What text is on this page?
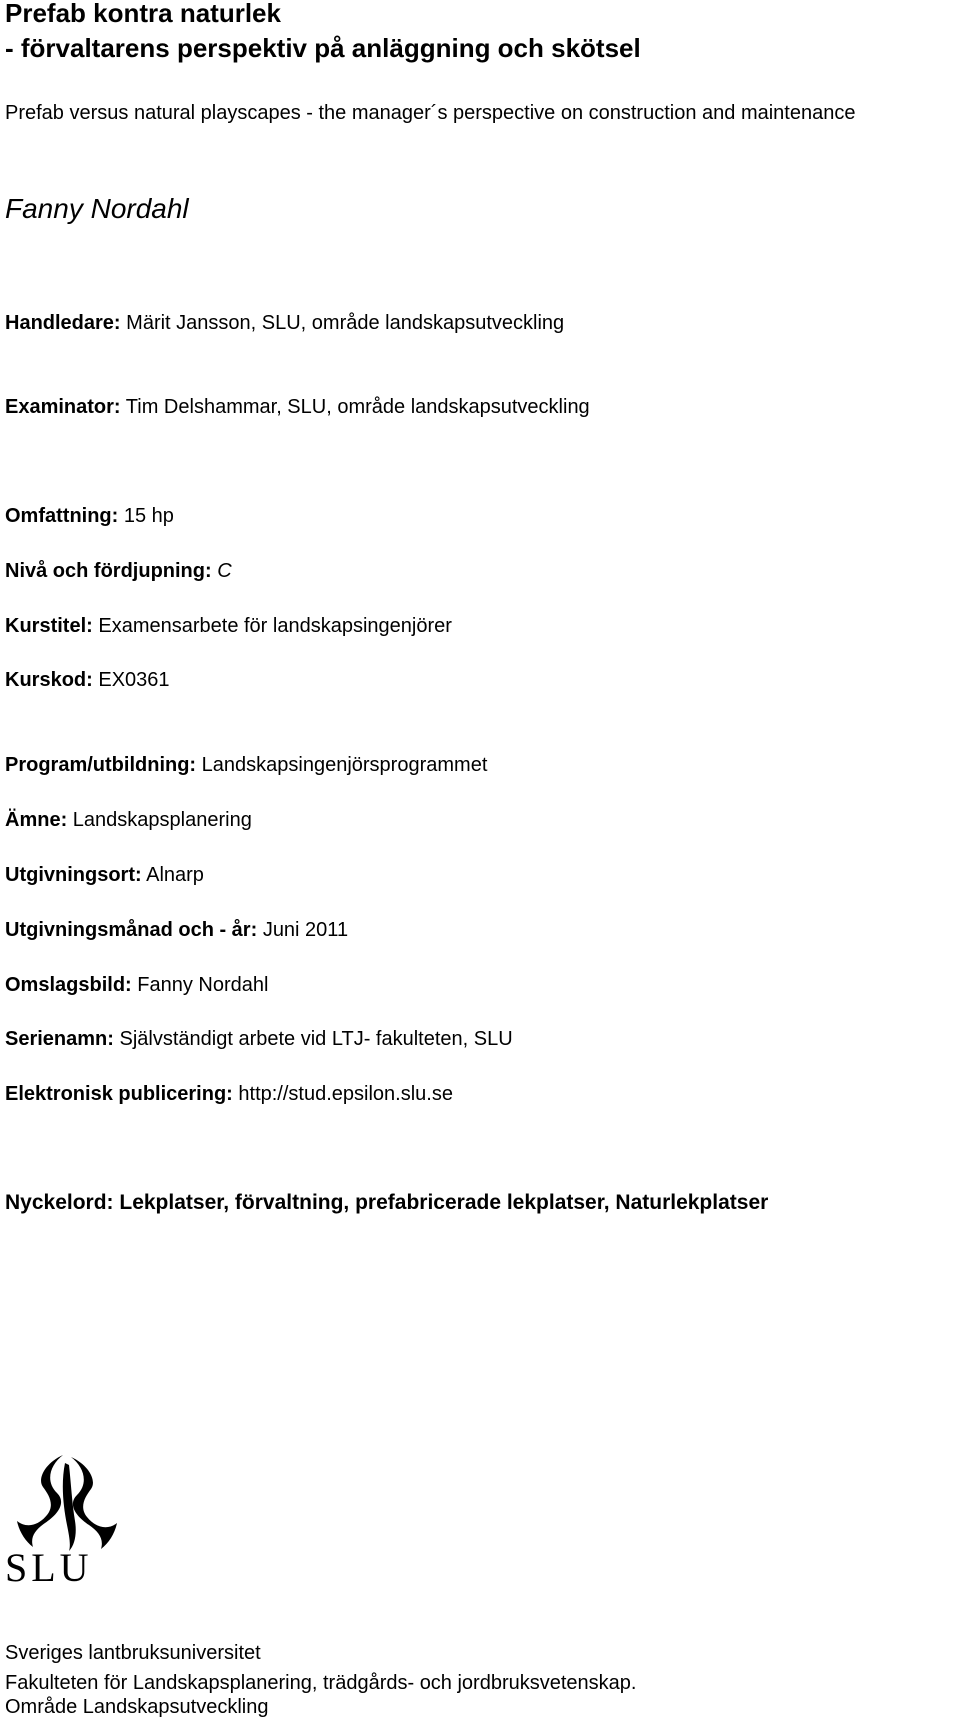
Prefab kontra naturlek
- förvaltarens perspektiv på anläggning och skötsel
Prefab versus natural playscapes - the manager´s perspective on construction and maintenance
Fanny Nordahl
Handledare: Märit Jansson, SLU, område landskapsutveckling
Examinator: Tim Delshammar, SLU, område landskapsutveckling
Omfattning: 15 hp
Nivå och fördjupning: C
Kurstitel: Examensarbete för landskapsingenjörer
Kurskod: EX0361
Program/utbildning: Landskapsingenjörsprogrammet
Ämne: Landskapsplanering
Utgivningsort: Alnarp
Utgivningsmånad och - år: Juni 2011
Omslagsbild: Fanny Nordahl
Serienamn: Självständigt arbete vid LTJ- fakulteten, SLU
Elektronisk publicering: http://stud.epsilon.slu.se
Nyckelord: Lekplatser, förvaltning, prefabricerade lekplatser, Naturlekplatser
SLU
Sveriges lantbruksuniversitet
Fakulteten för Landskapsplanering, trädgårds- och jordbruksvetenskap.
Område Landskapsutveckling
